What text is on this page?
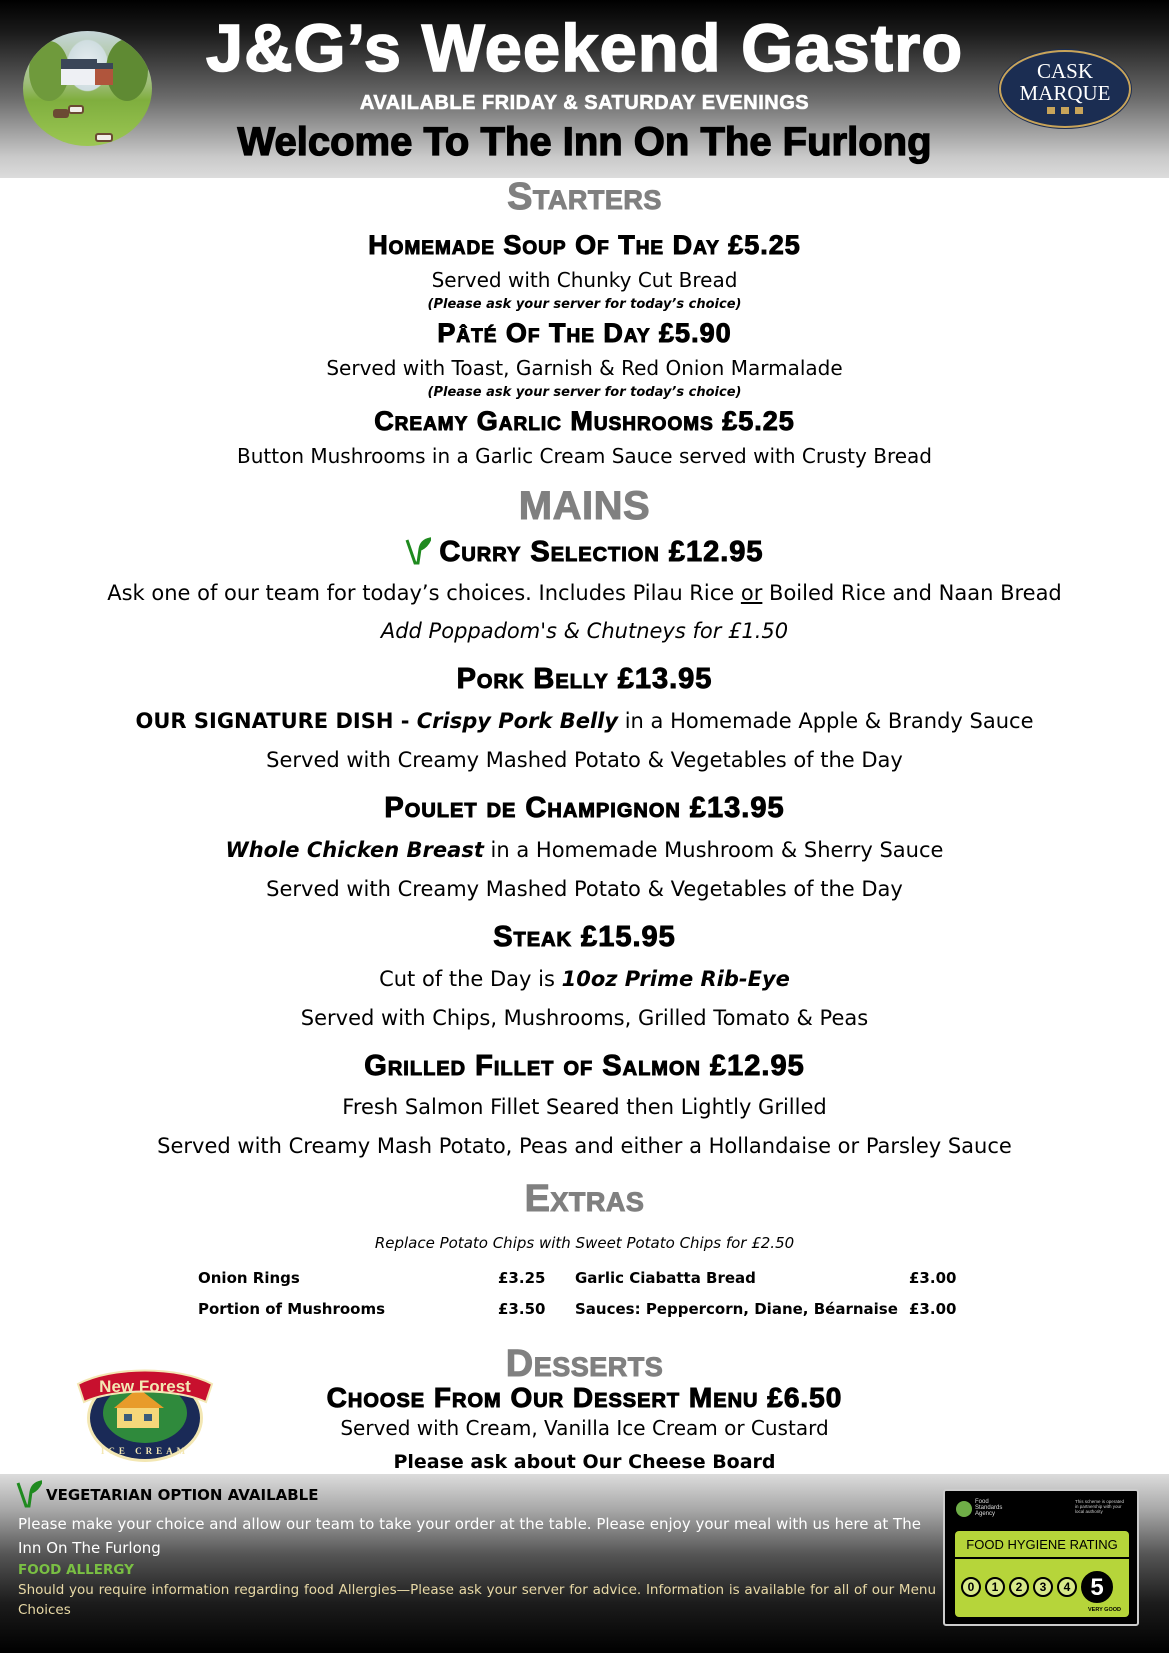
J&G’s Weekend Gastro
AVAILABLE FRIDAY & SATURDAY EVENINGS
Welcome To The Inn On The Furlong
CASK
MARQUE
Starters
Homemade Soup Of The Day £5.25
Served with Chunky Cut Bread
(Please ask your server for today’s choice)
Pâté Of The Day £5.90
Served with Toast, Garnish & Red Onion Marmalade
(Please ask your server for today’s choice)
Creamy Garlic Mushrooms £5.25
Button Mushrooms in a Garlic Cream Sauce served with Crusty Bread
MAINS
Curry Selection £12.95
Ask one of our team for today’s choices. Includes Pilau Rice or Boiled Rice and Naan Bread
Add Poppadom's & Chutneys for £1.50
Pork Belly £13.95
OUR SIGNATURE DISH - Crispy Pork Belly in a Homemade Apple & Brandy Sauce
Served with Creamy Mashed Potato & Vegetables of the Day
Poulet de Champignon £13.95
Whole Chicken Breast in a Homemade Mushroom & Sherry Sauce
Served with Creamy Mashed Potato & Vegetables of the Day
Steak £15.95
Cut of the Day is 10oz Prime Rib-Eye
Served with Chips, Mushrooms, Grilled Tomato & Peas
Grilled Fillet of Salmon £12.95
Fresh Salmon Fillet Seared then Lightly Grilled
Served with Creamy Mash Potato, Peas and either a Hollandaise or Parsley Sauce
Extras
Replace Potato Chips with Sweet Potato Chips for £2.50
Onion Rings	£3.25 Garlic Ciabatta Bread	£3.00
Portion of Mushrooms	£3.50 Sauces: Peppercorn, Diane, Béarnaise £3.00
New Forest
ICE CREAM
Desserts
Choose From Our Dessert Menu £6.50
Served with Cream, Vanilla Ice Cream or Custard
Please ask about Our Cheese Board
VEGETARIAN OPTION AVAILABLE
Please make your choice and allow our team to take your order at the table. Please enjoy your meal with us here at The Inn On The Furlong
FOOD ALLERGY
Should you require information regarding food Allergies—Please ask your server for advice. Information is available for all of our Menu Choices
Food Standards Agency
This scheme is operated in partnership with your local authority
FOOD HYGIENE RATING
0	1	2	3	4 5
VERY GOOD
